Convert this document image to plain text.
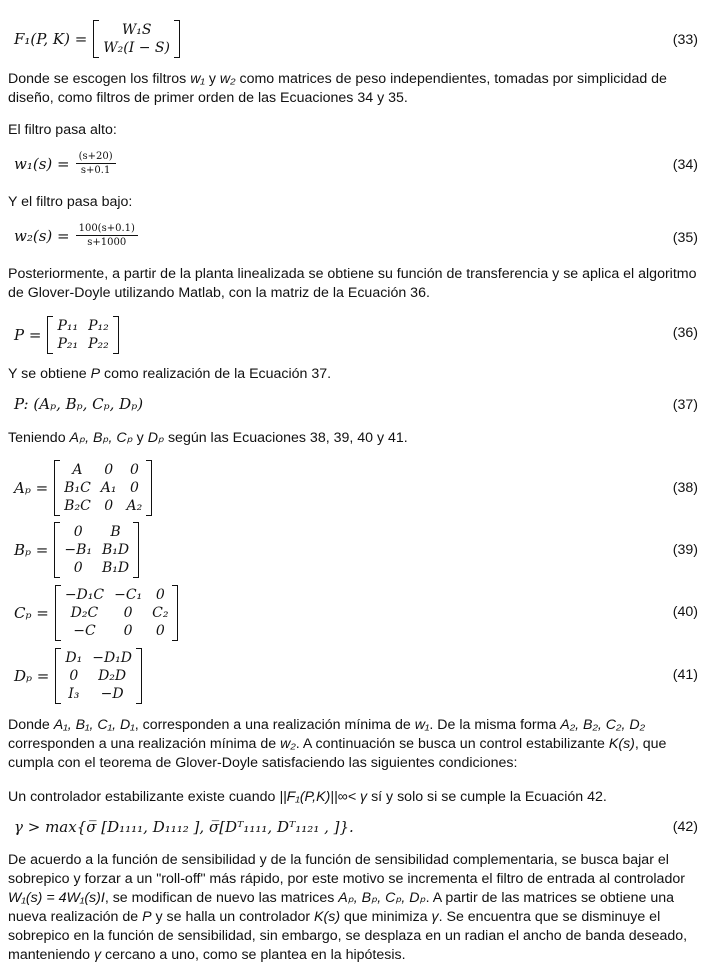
F₁(P, K) = W₁S
W₂(I − S)	(33)
Donde se escogen los filtros w₁ y w₂ como matrices de peso independientes, tomadas por simplicidad de diseño, como filtros de primer orden de las Ecuaciones 34 y 35.
El filtro pasa alto:
$w_1(s) = \frac{(s+20)}{s+0.1}$	(34)
Y el filtro pasa bajo:
$w_2(s) = \frac{100(s+0.1)}{s+1000}$	(35)
Posteriormente, a partir de la planta linealizada se obtiene su función de transferencia y se aplica el algoritmo de Glover-Doyle utilizando Matlab, con la matriz de la Ecuación 36.
P = P₁₁	P₁₂
P₂₁	P₂₂
(36)
Y se obtiene P como realización de la Ecuación 37.
P: (Aₚ, Bₚ, Cₚ, Dₚ)	(37)
Teniendo Aₚ, Bₚ, Cₚ y Dₚ según las Ecuaciones 38, 39, 40 y 41.
Aₚ =
A	0	0
B₁C	A₁	0
B₂C	0	A₂
(38)
Bₚ =
0	B
−B₁	B₁D
0	B₁D
(39)
Cₚ =
−D₁C	−C₁	0
D₂C	0	C₂
−C	0	0
(40)
Dₚ =
D₁	−D₁D
0	D₂D
I₃	−D
(41)
Donde A₁, B₁, C₁, D₁, corresponden a una realización mínima de w₁. De la misma forma A₂, B₂, C₂, D₂ corresponden a una realización mínima de w₂. A continuación se busca un control estabilizante K(s), que cumpla con el teorema de Glover-Doyle satisfaciendo las siguientes condiciones:
Un controlador estabilizante existe cuando ||F₁(P,K)||∞< γ sí y solo si se cumple la Ecuación 42.
γ > max{σ̅ [D₁₁₁₁, D₁₁₁₂ ], σ̅[Dᵀ₁₁₁₁, Dᵀ₁₁₂₁ , ]}.	(42)
De acuerdo a la función de sensibilidad y de la función de sensibilidad complementaria, se busca bajar el sobrepico y forzar a un "roll-off" más rápido, por este motivo se incrementa el filtro de entrada al controlador W₁(s) = 4W₁(s)I, se modifican de nuevo las matrices Aₚ, Bₚ, Cₚ, Dₚ. A partir de las matrices se obtiene una nueva realización de P y se halla un controlador K(s) que minimiza γ. Se encuentra que se disminuye el sobrepico en la función de sensibilidad, sin embargo, se desplaza en un radian el ancho de banda deseado, manteniendo γ cercano a uno, como se plantea en la hipótesis.
